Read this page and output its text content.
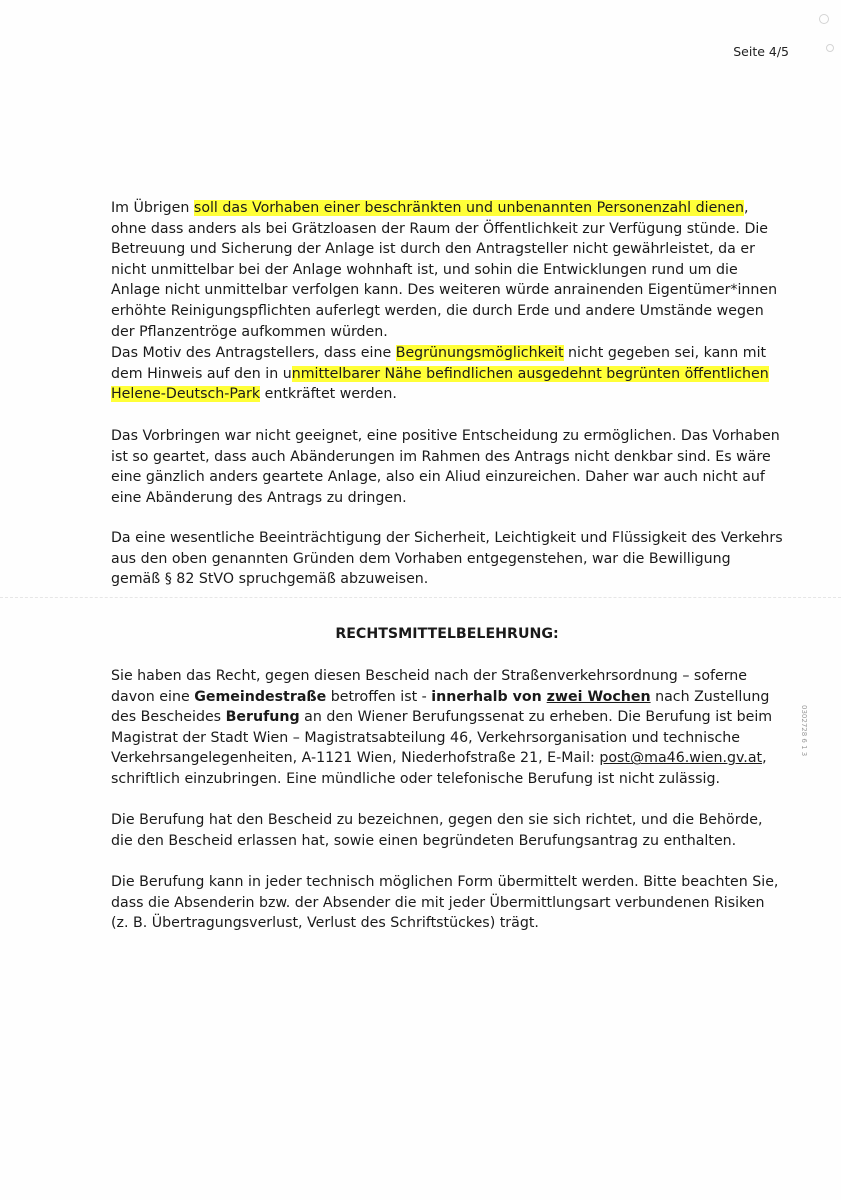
Seite 4/5
0302728 6 1 3

Im Übrigen soll das Vorhaben einer beschränkten und unbenannten Personenzahl dienen, ohne dass anders als bei Grätzloasen der Raum der Öffentlichkeit zur Verfügung stünde. Die Betreuung und Sicherung der Anlage ist durch den Antragsteller nicht gewährleistet, da er nicht unmittelbar bei der Anlage wohnhaft ist, und sohin die Entwicklungen rund um die Anlage nicht unmittelbar verfolgen kann. Des weiteren würde anrainenden Eigentümer*innen erhöhte Reinigungspflichten auferlegt werden, die durch Erde und andere Umstände wegen der Pflanzentröge aufkommen würden.

Das Motiv des Antragstellers, dass eine Begrünungsmöglichkeit nicht gegeben sei, kann mit dem Hinweis auf den in unmittelbarer Nähe befindlichen ausgedehnt begrünten öffentlichen Helene-Deutsch-Park entkräftet werden.

Das Vorbringen war nicht geeignet, eine positive Entscheidung zu ermöglichen. Das Vorhaben ist so geartet, dass auch Abänderungen im Rahmen des Antrags nicht denkbar sind. Es wäre eine gänzlich anders geartete Anlage, also ein Aliud einzureichen. Daher war auch nicht auf eine Abänderung des Antrags zu dringen.

Da eine wesentliche Beeinträchtigung der Sicherheit, Leichtigkeit und Flüssigkeit des Verkehrs aus den oben genannten Gründen dem Vorhaben entgegenstehen, war die Bewilligung gemäß § 82 StVO spruchgemäß abzuweisen.

RECHTSMITTELBELEHRUNG:

Sie haben das Recht, gegen diesen Bescheid nach der Straßenverkehrsordnung – soferne davon eine Gemeindestraße betroffen ist - innerhalb von zwei Wochen nach Zustellung des Bescheides Berufung an den Wiener Berufungssenat zu erheben. Die Berufung ist beim Magistrat der Stadt Wien – Magistratsabteilung 46, Verkehrsorganisation und technische Verkehrsangelegenheiten, A-1121 Wien, Niederhofstraße 21, E-Mail: post@ma46.wien.gv.at, schriftlich einzubringen. Eine mündliche oder telefonische Berufung ist nicht zulässig.

Die Berufung hat den Bescheid zu bezeichnen, gegen den sie sich richtet, und die Behörde, die den Bescheid erlassen hat, sowie einen begründeten Berufungsantrag zu enthalten.

Die Berufung kann in jeder technisch möglichen Form übermittelt werden. Bitte beachten Sie, dass die Absenderin bzw. der Absender die mit jeder Übermittlungsart verbundenen Risiken (z. B. Übertragungsverlust, Verlust des Schriftstückes) trägt.
